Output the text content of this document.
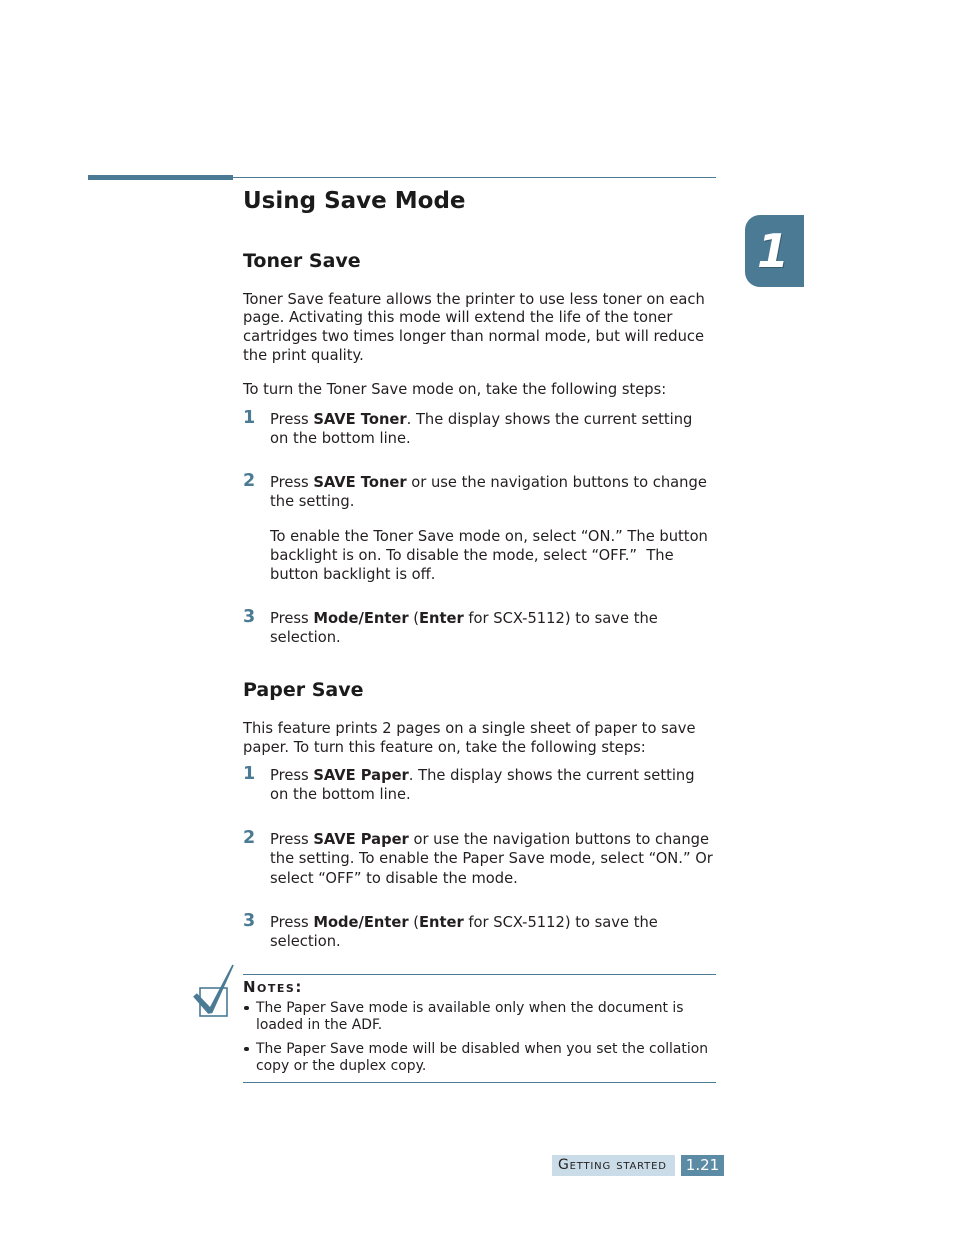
Using Save Mode
1
Toner Save

Toner Save feature allows the printer to use less toner on each
page. Activating this mode will extend the life of the toner
cartridges two times longer than normal mode, but will reduce
the print quality.

To turn the Toner Save mode on, take the following steps:

1 Press SAVE Toner. The display shows the current setting
on the bottom line.

2 Press SAVE Toner or use the navigation buttons to change
the setting.

To enable the Toner Save mode on, select “ON.” The button
backlight is on. To disable the mode, select “OFF.”  The
button backlight is off.

3 Press Mode/Enter (Enter for SCX-5112) to save the
selection.

Paper Save

This feature prints 2 pages on a single sheet of paper to save
paper. To turn this feature on, take the following steps:

1 Press SAVE Paper. The display shows the current setting
on the bottom line.

2 Press SAVE Paper or use the navigation buttons to change
the setting. To enable the Paper Save mode, select “ON.” Or
select “OFF” to disable the mode.

3 Press Mode/Enter (Enter for SCX-5112) to save the
selection.

Notes:
The Paper Save mode is available only when the document is
loaded in the ADF.
The Paper Save mode will be disabled when you set the collation
copy or the duplex copy.
Getting started	1.21
